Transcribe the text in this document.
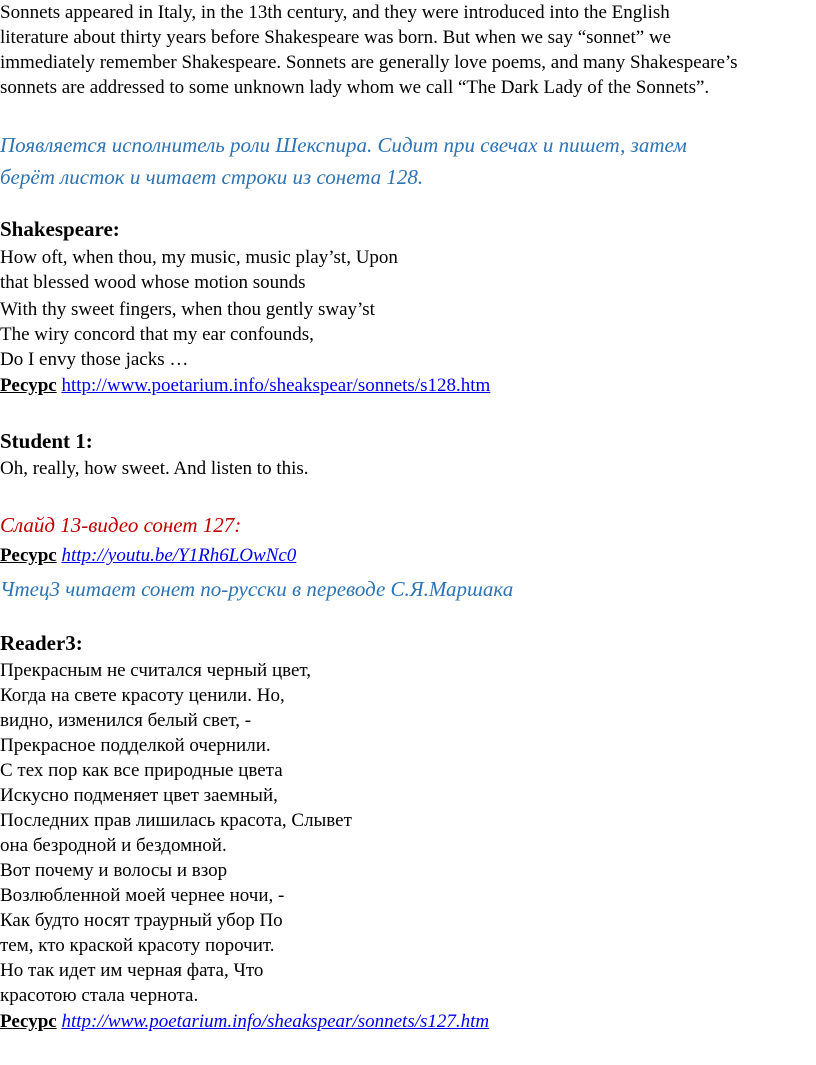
Sonnets appeared in Italy, in the 13th century, and they were introduced into the English

literature about thirty years before Shakespeare was born. But when we say “sonnet” we

immediately remember Shakespeare. Sonnets are generally love poems, and many Shakespeare’s

sonnets are addressed to some unknown lady whom we call “The Dark Lady of the Sonnets”.

Появляется исполнитель роли Шекспира. Сидит при свечах и пишет, затем

берёт листок и читает строки из сонета 128.

Shakespeare:

How oft, when thou, my music, music play’st, Upon

that blessed wood whose motion sounds

With thy sweet fingers, when thou gently sway’st

The wiry concord that my ear confounds,

Do I envy those jacks …

Ресурс http://www.poetarium.info/sheakspear/sonnets/s128.htm

Student 1:

Oh, really, how sweet. And listen to this.

Слайд 13-видео сонет 127:

Ресурс http://youtu.be/Y1Rh6LOwNc0

Чтец3 читает сонет по-русски в переводе С.Я.Маршака

Reader3:

Прекрасным не считался черный цвет,

Когда на свете красоту ценили. Но,

видно, изменился белый свет, -

Прекрасное подделкой очернили.

С тех пор как все природные цвета

Искусно подменяет цвет заемный,

Последних прав лишилась красота, Слывет

она безродной и бездомной.

Вот почему и волосы и взор

Возлюбленной моей чернее ночи, -

Как будто носят траурный убор По

тем, кто краской красоту порочит.

Но так идет им черная фата, Что

красотою стала чернота.

Ресурс http://www.poetarium.info/sheakspear/sonnets/s127.htm
